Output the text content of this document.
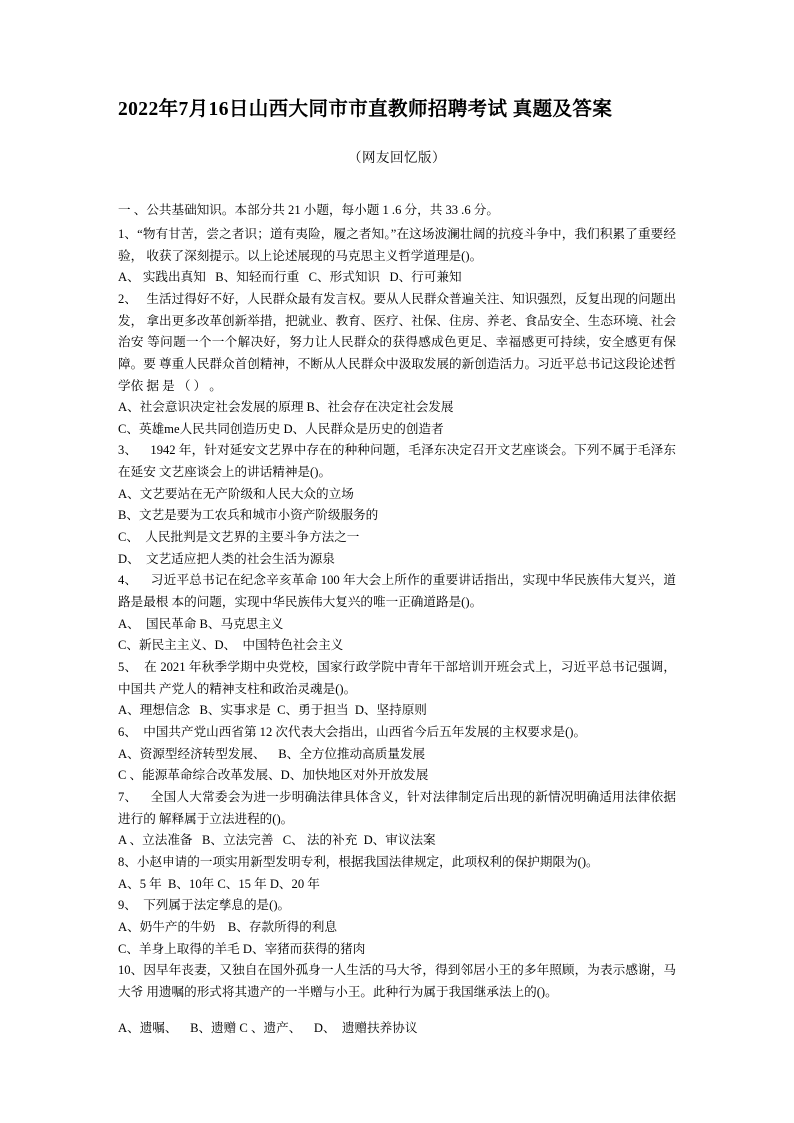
2022年7月16日山西大同市市直教师招聘考试 真题及答案
（网友回忆版）

一 、公共基础知识。本部分共 21 小题，每小题 1 .6 分，共 33 .6 分。

1、“物有甘苦，尝之者识；道有夷险，履之者知。”在这场波澜壮阔的抗疫斗争中，我们积累了重要经验， 收获了深刻提示。以上论述展现的马克思主义哲学道理是()。

A、 实践出真知   B、知轻而行重   C、形式知识   D、行可兼知

2、   生活过得好不好，人民群众最有发言权。要从人民群众普遍关注、知识强烈，反复出现的问题出发， 拿出更多改革创新举措，把就业、教育、医疗、社保、住房、养老、食品安全、生态环境、社会治安 等问题一个一个解决好，努力让人民群众的获得感成色更足、幸福感更可持续，安全感更有保障。要 尊重人民群众首创精神，不断从人民群众中汲取发展的新创造活力。习近平总书记这段论述哲学依 据 是 （ ） 。

A、社会意识决定社会发展的原理 B、社会存在决定社会发展

C、英雄me人民共同创造历史 D、人民群众是历史的创造者

3、    1942 年，针对延安文艺界中存在的种种问题，毛泽东决定召开文艺座谈会。下列不属于毛泽东在延安 文艺座谈会上的讲话精神是()。

A、文艺要站在无产阶级和人民大众的立场

B、文艺是要为工农兵和城市小资产阶级服务的

C、  人民批判是文艺界的主要斗争方法之一

D、  文艺适应把人类的社会生活为源泉

4、    习近平总书记在纪念辛亥革命 100 年大会上所作的重要讲话指出，实现中华民族伟大复兴，道路是最根 本的问题，实现中华民族伟大复兴的唯一正确道路是()。

A、  国民革命 B、马克思主义

C、新民主主义、D、  中国特色社会主义

5、  在 2021 年秋季学期中央党校，国家行政学院中青年干部培训开班会式上，习近平总书记强调，中国共 产党人的精神支柱和政治灵魂是()。

A、理想信念   B、实事求是  C、勇于担当  D、坚持原则

6、  中国共产党山西省第 12 次代表大会指出，山西省今后五年发展的主权要求是()。

A、资源型经济转型发展、    B、全方位推动高质量发展

C 、能源革命综合改革发展、D、加快地区对外开放发展

7、    全国人大常委会为进一步明确法律具体含义，针对法律制定后出现的新情况明确适用法律依据进行的 解释属于立法进程的()。

A 、立法准备   B、立法完善   C、 法的补充  D、审议法案

8、小赵申请的一项实用新型发明专利，根据我国法律规定，此项权利的保护期限为()。

A、5 年  B、10年 C、15 年 D、20 年

9、  下列属于法定孳息的是()。

A、奶牛产的牛奶    B、存款所得的利息

C、羊身上取得的羊毛 D、宰猪而获得的猪肉

10、因早年丧妻，又独自在国外孤身一人生活的马大爷，得到邻居小王的多年照顾，为表示感谢，马大爷 用遗嘱的形式将其遗产的一半赠与小王。此种行为属于我国继承法上的()。

A、遗嘱、    B、遗赠 C 、遗产、    D、  遗赠扶养协议
